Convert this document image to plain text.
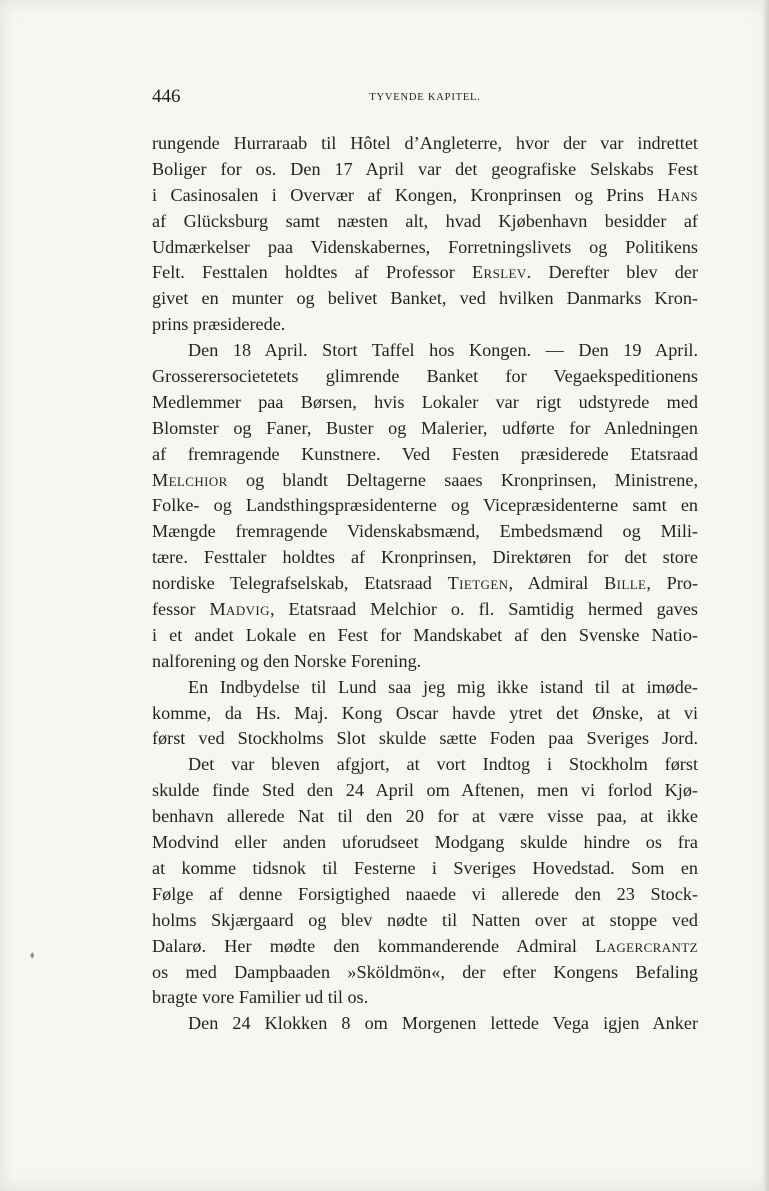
446	TYVENDE KAPITEL.
rungende Hurraraab til Hôtel d’Angleterre, hvor der var indrettet
Boliger for os. Den 17 April var det geografiske Selskabs Fest
i Casinosalen i Overvær af Kongen, Kronprinsen og Prins Hans
af Glücksburg samt næsten alt, hvad Kjøbenhavn besidder af
Udmærkelser paa Videnskabernes, Forretningslivets og Politikens
Felt. Festtalen holdtes af Professor Erslev. Derefter blev der
givet en munter og belivet Banket, ved hvilken Danmarks Kron-
prins præsiderede.
Den 18 April. Stort Taffel hos Kongen. — Den 19 April.
Grosserersocietetets glimrende Banket for Vegaekspeditionens
Medlemmer paa Børsen, hvis Lokaler var rigt udstyrede med
Blomster og Faner, Buster og Malerier, udførte for Anledningen
af fremragende Kunstnere. Ved Festen præsiderede Etatsraad
Melchior og blandt Deltagerne saaes Kronprinsen, Ministrene,
Folke- og Landsthingspræsidenterne og Vicepræsidenterne samt en
Mængde fremragende Videnskabsmænd, Embedsmænd og Mili-
tære. Festtaler holdtes af Kronprinsen, Direktøren for det store
nordiske Telegrafselskab, Etatsraad Tietgen, Admiral Bille, Pro-
fessor Madvig, Etatsraad Melchior o. fl. Samtidig hermed gaves
i et andet Lokale en Fest for Mandskabet af den Svenske Natio-
nalforening og den Norske Forening.
En Indbydelse til Lund saa jeg mig ikke istand til at imøde-
komme, da Hs. Maj. Kong Oscar havde ytret det Ønske, at vi
først ved Stockholms Slot skulde sætte Foden paa Sveriges Jord.
Det var bleven afgjort, at vort Indtog i Stockholm først
skulde finde Sted den 24 April om Aftenen, men vi forlod Kjø-
benhavn allerede Nat til den 20 for at være visse paa, at ikke
Modvind eller anden uforudseet Modgang skulde hindre os fra
at komme tidsnok til Festerne i Sveriges Hovedstad. Som en
Følge af denne Forsigtighed naaede vi allerede den 23 Stock-
holms Skjærgaard og blev nødte til Natten over at stoppe ved
Dalarø. Her mødte den kommanderende Admiral Lagercrantz
os med Dampbaaden »Sköldmön«, der efter Kongens Befaling
bragte vore Familier ud til os.
Den 24 Klokken 8 om Morgenen lettede Vega igjen Anker
⬧
